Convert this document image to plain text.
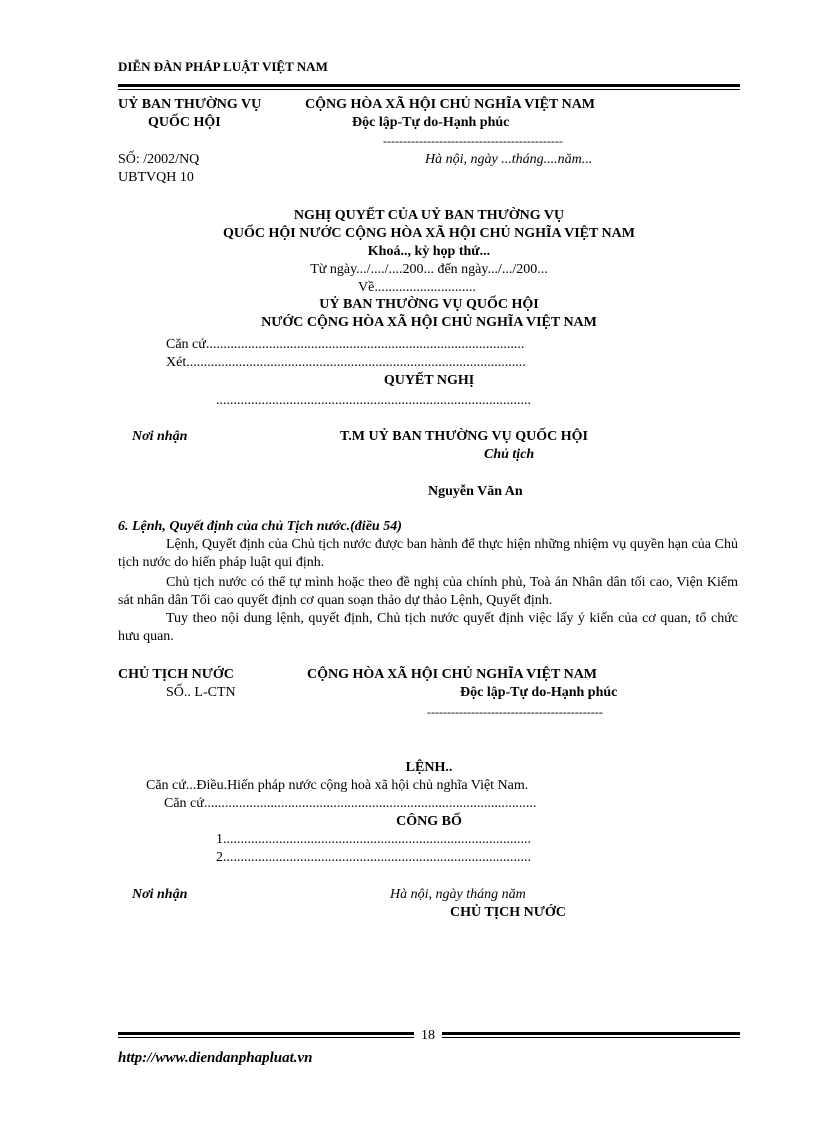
DIỄN ĐÀN PHÁP LUẬT VIỆT NAM
UỶ BAN THƯỜNG VỤ
QUỐC HỘI
CỘNG HÒA XÃ HỘI CHỦ NGHĨA VIỆT NAM
Độc lập-Tự do-Hạnh phúc
---------------------------------------------
SỐ: /2002/NQ
UBTVQH 10
Hà nội, ngày ...tháng....năm...
NGHỊ QUYẾT CỦA UỶ BAN THƯỜNG VỤ
QUỐC HỘI NƯỚC CỘNG HÒA XÃ HỘI CHỦ NGHĨA VIỆT NAM
Khoá.., kỳ họp thứ...
Từ ngày.../..../....200... đến ngày.../.../200...
Về.............................
UỶ BAN THƯỜNG VỤ QUỐC HỘI
NƯỚC CỘNG HÒA XÃ HỘI CHỦ NGHĨA VIỆT NAM
Căn cứ...........................................................................................
Xét.................................................................................................
QUYẾT NGHỊ
..........................................................................................
Nơi nhận	T.M UỶ BAN THƯỜNG VỤ QUỐC HỘI
Chủ tịch
Nguyễn Văn An
6. Lệnh, Quyết định của chủ Tịch nước.(điều 54)
Lệnh, Quyết định của Chủ tịch nước được ban hành để thực hiện những nhiệm vụ quyền hạn của Chủ tịch nước do hiến pháp luật qui định.
Chủ tịch nước có thể tự mình hoặc theo đề nghị của chính phủ, Toà án Nhân dân tối cao, Viện Kiểm sát nhân dân Tối cao quyết định cơ quan soạn thảo dự thảo Lệnh, Quyết định.
Tuy theo nội dung lệnh, quyết định, Chủ tịch nước quyết định việc lấy ý kiến của cơ quan, tổ chức hưu quan.
CHỦ TỊCH NƯỚC
SỐ.. L-CTN
CỘNG HÒA XÃ HỘI CHỦ NGHĨA VIỆT NAM
Độc lập-Tự do-Hạnh phúc
--------------------------------------------
LỆNH..
Căn cứ...Điều.Hiến pháp nước cộng hoà xã hội chủ nghĩa Việt Nam.
Căn cứ...............................................................................................
CÔNG BỐ
1........................................................................................
2........................................................................................
Nơi nhận	Hà nội, ngày tháng năm
CHỦ TỊCH NƯỚC
18
http://www.diendanphapluat.vn
